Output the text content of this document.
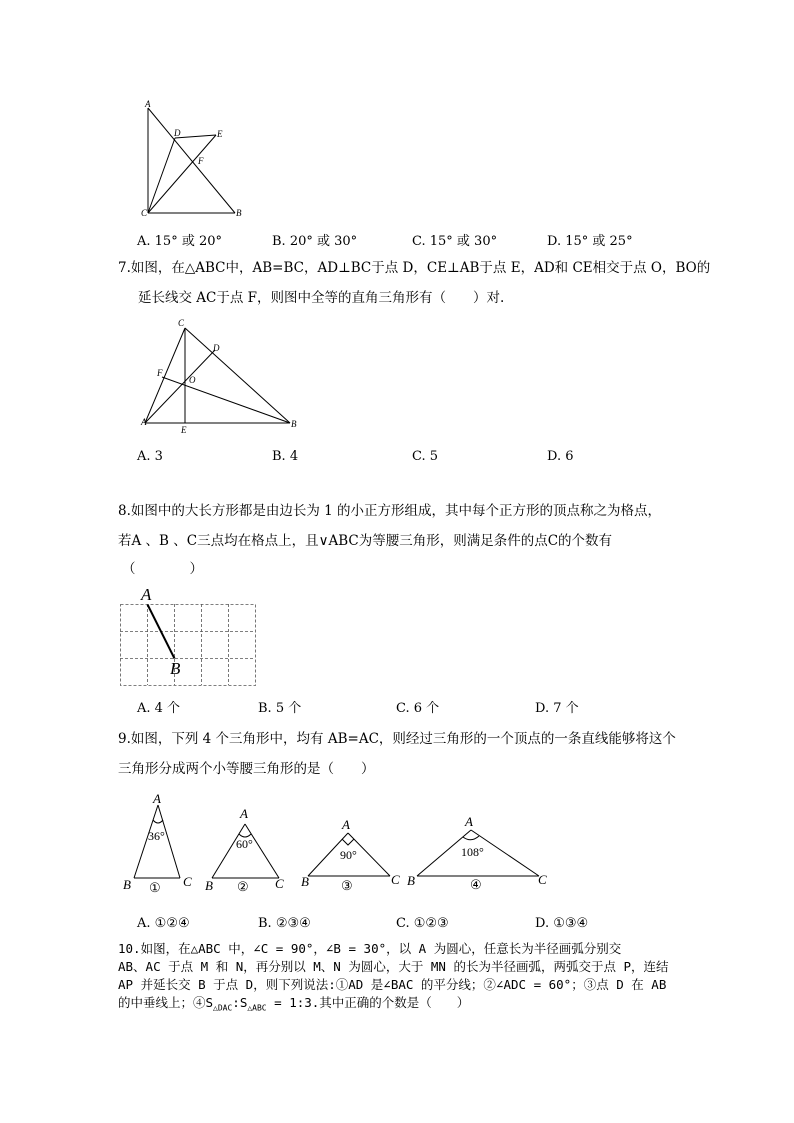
A
D	E
F
C	B
A. 15° 或 20°	B. 20° 或 30°	C. 15° 或 30°	D. 15° 或 25°
7.如图，在△ABC中，AB=BC，AD⊥BC于点 D，CE⊥AB于点 E，AD和 CE相交于点 O，BO的
延长线交 AC于点 F，则图中全等的直角三角形有（　　）对.
C
D
F
O
A
E
B
A. 3	B. 4	C. 5	D. 6
8.如图中的大长方形都是由边长为 1 的小正方形组成，其中每个正方形的顶点称之为格点，
若A 、B 、C三点均在格点上，且∨ABC为等腰三角形，则满足条件的点C的个数有
（　　　　）
A
B
A. 4 个	B. 5 个	C. 6 个	D. 7 个
9.如图，下列 4 个三角形中，均有 AB=AC，则经过三角形的一个顶点的一条直线能够将这个
三角形分成两个小等腰三角形的是（　　）
A
36°
B	C
①
A
60°
B	C
②
A
90°
B	C
③
A
108°
B	C
④
A. ①②④	B. ②③④	C. ①②③	D. ①③④
10.如图，在△ABC 中，∠C = 90°，∠B = 30°，以 A 为圆心，任意长为半径画弧分别交
AB、AC 于点 M 和 N，再分别以 M、N 为圆心，大于 MN 的长为半径画弧，两弧交于点 P，连结
AP 并延长交 B 于点 D，则下列说法:①AD 是∠BAC 的平分线；②∠ADC = 60°；③点 D 在 AB
的中垂线上；$④S_{\triangle DAC}:S_{\triangle ABC}$ = 1:3.其中正确的个数是（　　）
